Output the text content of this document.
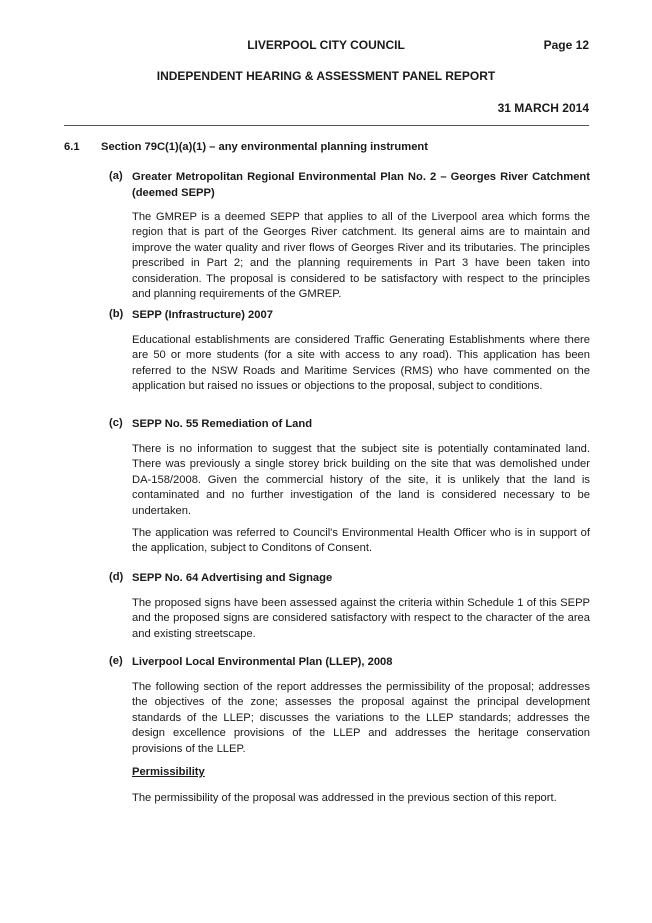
LIVERPOOL CITY COUNCIL	Page 12
INDEPENDENT HEARING & ASSESSMENT PANEL REPORT
31 MARCH 2014
6.1 Section 79C(1)(a)(1) – any environmental planning instrument
(a) Greater Metropolitan Regional Environmental Plan No. 2 – Georges River Catchment (deemed SEPP)

The GMREP is a deemed SEPP that applies to all of the Liverpool area which forms the region that is part of the Georges River catchment. Its general aims are to maintain and improve the water quality and river flows of Georges River and its tributaries. The principles prescribed in Part 2; and the planning requirements in Part 3 have been taken into consideration. The proposal is considered to be satisfactory with respect to the principles and planning requirements of the GMREP.

(b) SEPP (Infrastructure) 2007

Educational establishments are considered Traffic Generating Establishments where there are 50 or more students (for a site with access to any road). This application has been referred to the NSW Roads and Maritime Services (RMS) who have commented on the application but raised no issues or objections to the proposal, subject to conditions.

(c) SEPP No. 55 Remediation of Land

There is no information to suggest that the subject site is potentially contaminated land. There was previously a single storey brick building on the site that was demolished under DA-158/2008. Given the commercial history of the site, it is unlikely that the land is contaminated and no further investigation of the land is considered necessary to be undertaken.

The application was referred to Council's Environmental Health Officer who is in support of the application, subject to Conditons of Consent.

(d) SEPP No. 64 Advertising and Signage

The proposed signs have been assessed against the criteria within Schedule 1 of this SEPP and the proposed signs are considered satisfactory with respect to the character of the area and existing streetscape.

(e) Liverpool Local Environmental Plan (LLEP), 2008

The following section of the report addresses the permissibility of the proposal; addresses the objectives of the zone; assesses the proposal against the principal development standards of the LLEP; discusses the variations to the LLEP standards; addresses the design excellence provisions of the LLEP and addresses the heritage conservation provisions of the LLEP.

Permissibility

The permissibility of the proposal was addressed in the previous section of this report.
